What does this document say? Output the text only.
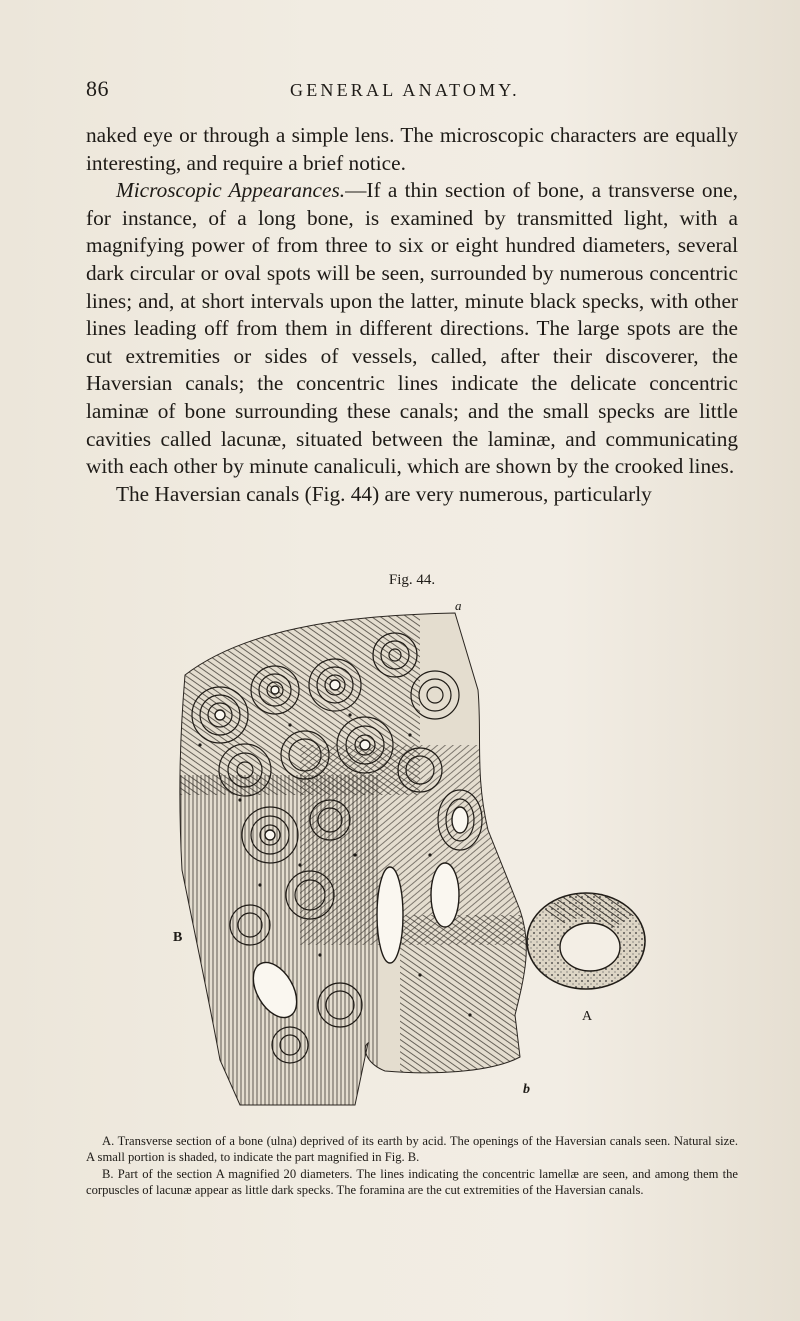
86	GENERAL ANATOMY.

naked eye or through a simple lens. The microscopic characters are equally interesting, and require a brief notice.

Microscopic Appearances.—If a thin section of bone, a transverse one, for instance, of a long bone, is examined by transmitted light, with a magnifying power of from three to six or eight hundred diameters, several dark circular or oval spots will be seen, surrounded by numerous concentric lines; and, at short intervals upon the latter, minute black specks, with other lines leading off from them in different directions. The large spots are the cut extremities or sides of vessels, called, after their discoverer, the Haversian canals; the concentric lines indicate the delicate concentric laminæ of bone surrounding these canals; and the small specks are little cavities called lacunæ, situated between the laminæ, and communicating with each other by minute canaliculi, which are shown by the crooked lines.

The Haversian canals (Fig. 44) are very numerous, particularly

Fig. 44.
a
B
A
b

A. Transverse section of a bone (ulna) deprived of its earth by acid. The openings of the Haversian canals seen. Natural size. A small portion is shaded, to indicate the part magnified in Fig. B.

B. Part of the section A magnified 20 diameters. The lines indicating the concentric lamellæ are seen, and among them the corpuscles of lacunæ appear as little dark specks. The foramina are the cut extremities of the Haversian canals.
